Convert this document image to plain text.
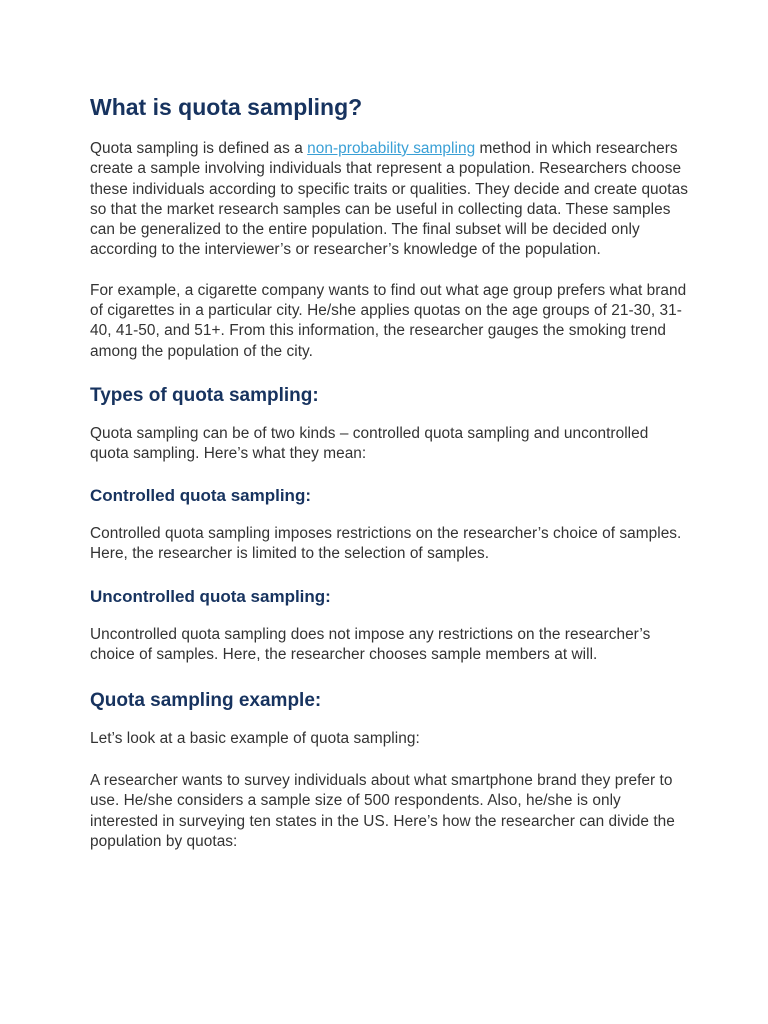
What is quota sampling?

Quota sampling is defined as a non-probability sampling method in which researchers create a sample involving individuals that represent a population. Researchers choose these individuals according to specific traits or qualities. They decide and create quotas so that the market research samples can be useful in collecting data. These samples can be generalized to the entire population. The final subset will be decided only according to the interviewer’s or researcher’s knowledge of the population.

For example, a cigarette company wants to find out what age group prefers what brand of cigarettes in a particular city. He/she applies quotas on the age groups of 21-30, 31-40, 41-50, and 51+. From this information, the researcher gauges the smoking trend among the population of the city.

Types of quota sampling:

Quota sampling can be of two kinds – controlled quota sampling and uncontrolled quota sampling. Here’s what they mean:

Controlled quota sampling:

Controlled quota sampling imposes restrictions on the researcher’s choice of samples. Here, the researcher is limited to the selection of samples.

Uncontrolled quota sampling:

Uncontrolled quota sampling does not impose any restrictions on the researcher’s choice of samples. Here, the researcher chooses sample members at will.

Quota sampling example:

Let’s look at a basic example of quota sampling:

A researcher wants to survey individuals about what smartphone brand they prefer to use. He/she considers a sample size of 500 respondents. Also, he/she is only interested in surveying ten states in the US. Here’s how the researcher can divide the population by quotas:
